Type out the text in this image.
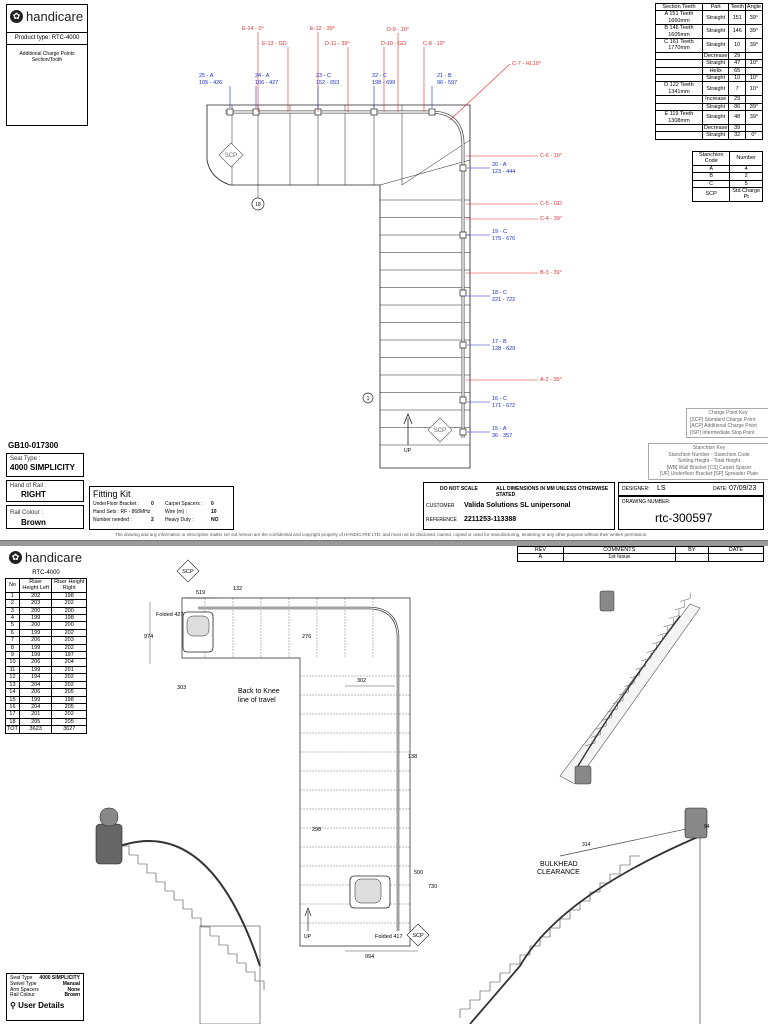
✿ handicare
Product type: RTC-4000
Additional Charge Points Section/Tooth
Section Teeth	Part	Teeth	Angle
A 151 Teeth 1660mm	Straight	151	39°
B 146 Teeth 1605mm	Straight	146	39°
C 161 Teeth 1770mm	Straight	10	39°
	Decrease	29	
	Straight	47	10°
	Helix	65	
	Straight	10	10°
D 122 Teeth 1341mm	Straight	7	10°
	Increase	29	
	Straight	86	39°
E 119 Teeth 1308mm	Straight	48	39°
	Decrease	39	
	Straight	32	0°
Stanchion Code	Number
A	4
B	2
C	5
SCP	Std Charge Pt
SCP
SCP
18
1
UP
E-14 - 0°
E-13 - GD
E-12 - 39°
D-11 - 39°
D-9 - 10°
D-10 - GD	C-8 - 10°
C-7 - HL10°
C-6 - 10°
C-5 - GD
C-4 - 39°
B-3 - 39°
A-2 - 39°
25 - A
105 - 426
24 - A
106 - 427
23 - C
152 - 653
22 - C
198 - 699
21 - B
96 - 597
20 - A
123 - 444
19 - C
175 - 676
18 - C
221 - 722
17 - B
128 - 629
16 - C
171 - 672
15 - A
36 - 357
Charge Point Key
[SCP] Standard Charge Point
[ACP] Additional Charge Point
[ISP] Intermediate Stop Point
Stanchion Key
Stanchion Number - Stanchion Code
Setting Height - Total Height
[WB] Wall Bracket [CS] Carpet Spacer
[UF] Underfloor Bracket [SP] Spreader Plate
GB10-017300
Seat Type :
4000 SIMPLICITY
Hand of Rail :
RIGHT
Rail Colour :
Brown
Fitting Kit
UnderFloor Bracket :	0	Carpet Spacers :	0
Hand Sets : RF - 868MHz	Wire (m) :	10
Number needed :	2	Heavy Duty :	NO
DO NOT SCALE	ALL DIMENSIONS IN MM UNLESS OTHERWISE STATED
CUSTOMER Valida Solutions SL unipersonal
REFERENCE 2211253-113388
DESIGNER: LS	DATE: 07/09/23
DRAWING NUMBER:
rtc-300597
The drawing and any information or descriptive matter set out hereon are the confidential and copyright property of HANDICARE LTD. and must not be disclosed, loaned, copied or used for manufacturing, tendering or any other purpose without their written permission.
✿ handicare
RTC-4000
No	Riser Height Left	Riser Height Right
1	202	198
2	203	202
3	200	200
4	199	198
5	200	200
6	199	202
7	206	203
8	199	202
9	199	197
10	206	204
11	199	201
12	194	202
13	204	202
14	206	205
15	199	198
16	204	205
17	201	202
18	205	205
TOT	3623	3627
REV	COMMENTS	BY	DATE
A	1st Issue		
SCP
SCP
519
132
974
Folded 427
276
303
302
138
298
500
730
Folded 417
994
Back to Knee
line of travel
UP
BULKHEAD
CLEARANCE
314
94
Seat Type 4000 SIMPLICITY
Swivel Type	Manual
Arm Spacers	None
Rail Colour	Brown
⚲ User Details
